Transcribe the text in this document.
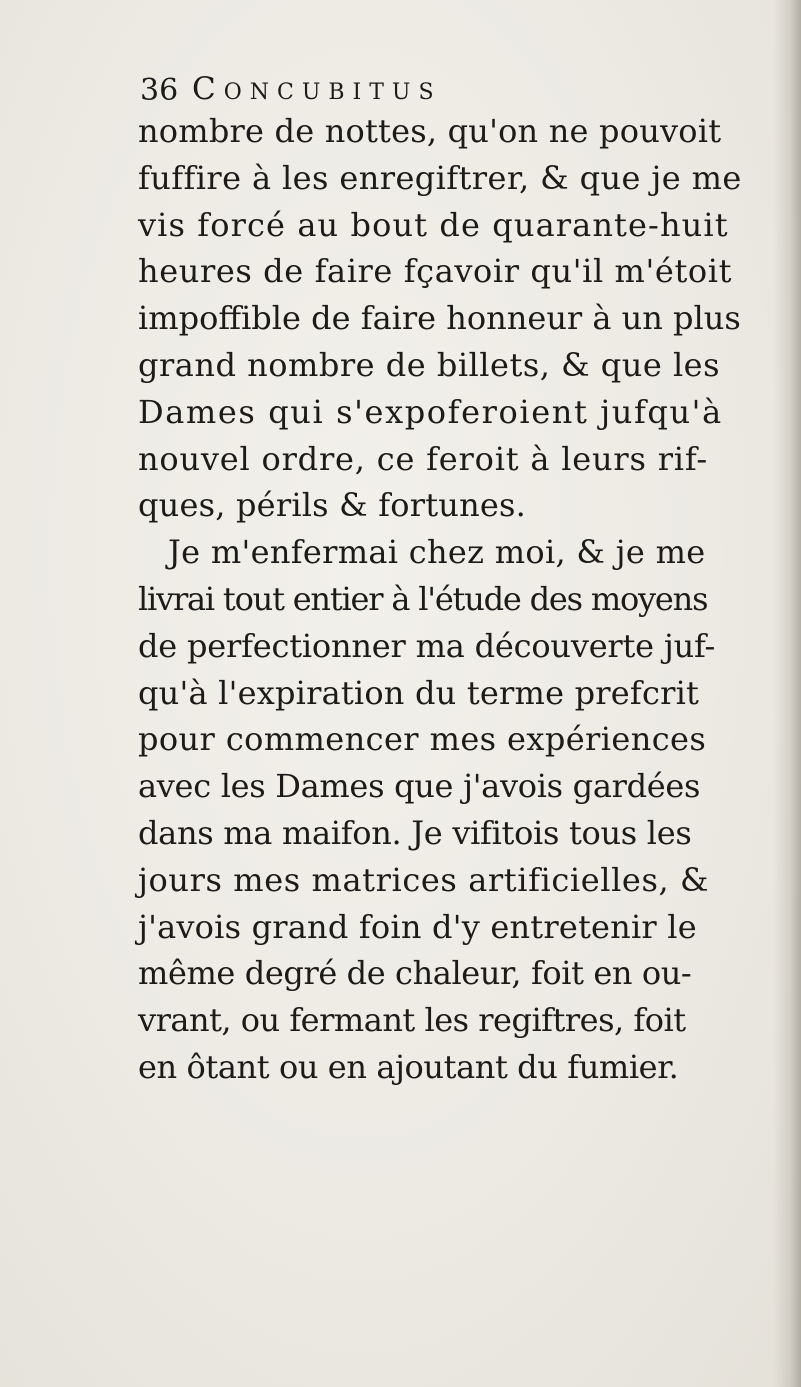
36 Concubitus
nombre de nottes, qu'on ne pouvoit
fuffire à les enregiftrer, & que je me
vis forcé au bout de quarante-huit
heures de faire fçavoir qu'il m'étoit
impoffible de faire honneur à un plus
grand nombre de billets, & que les
Dames qui s'expoferoient jufqu'à
nouvel ordre, ce feroit à leurs rif-
ques, périls & fortunes.
Je m'enfermai chez moi, & je me
livrai tout entier à l'étude des moyens
de perfectionner ma découverte juf-
qu'à l'expiration du terme prefcrit
pour commencer mes expériences
avec les Dames que j'avois gardées
dans ma maifon. Je vifitois tous les
jours mes matrices artificielles, &
j'avois grand foin d'y entretenir le
même degré de chaleur, foit en ou-
vrant, ou fermant les regiftres, foit
en ôtant ou en ajoutant du fumier.
